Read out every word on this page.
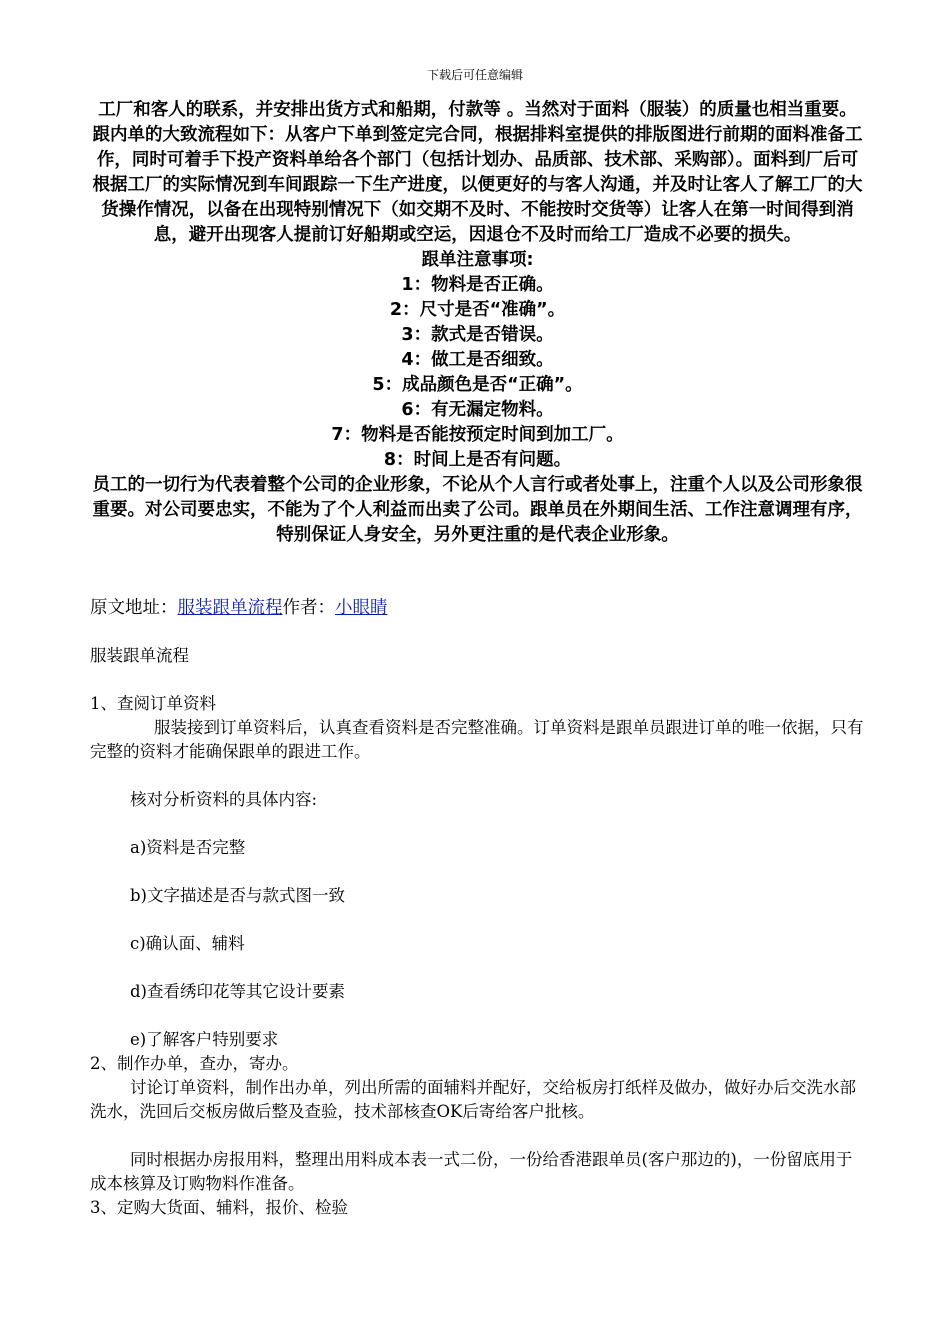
下载后可任意编辑

工厂和客人的联系，并安排出货方式和船期，付款等 。当然对于面料（服装）的质量也相当重要。

跟内单的大致流程如下：从客户下单到签定完合同，根据排料室提供的排版图进行前期的面料准备工作，同时可着手下投产资料单给各个部门（包括计划办、品质部、技术部、采购部）。面料到厂后可根据工厂的实际情况到车间跟踪一下生产进度，以便更好的与客人沟通，并及时让客人了解工厂的大货操作情况，以备在出现特别情况下（如交期不及时、不能按时交货等）让客人在第一时间得到消息，避开出现客人提前订好船期或空运，因退仓不及时而给工厂造成不必要的损失。

跟单注意事项:

1：物料是否正确。

2：尺寸是否“准确”。

3：款式是否错误。

4：做工是否细致。

5：成品颜色是否“正确”。

6：有无漏定物料。

7：物料是否能按预定时间到加工厂。

8：时间上是否有问题。

员工的一切行为代表着整个公司的企业形象，不论从个人言行或者处事上，注重个人以及公司形象很重要。对公司要忠实，不能为了个人利益而出卖了公司。跟单员在外期间生活、工作注意调理有序，特别保证人身安全，另外更注重的是代表企业形象。

原文地址：服装跟单流程作者：小眼睛

服装跟单流程

1、查阅订单资料

服装接到订单资料后，认真查看资料是否完整准确。订单资料是跟单员跟进订单的唯一依据，只有完整的资料才能确保跟单的跟进工作。

核对分析资料的具体内容:

a)资料是否完整

b)文字描述是否与款式图一致

c)确认面、辅料

d)查看绣印花等其它设计要素

e)了解客户特别要求

2、制作办单，查办，寄办。

讨论订单资料，制作出办单，列出所需的面辅料并配好，交给板房打纸样及做办，做好办后交洗水部洗水，洗回后交板房做后整及查验，技术部核查OK后寄给客户批核。

同时根据办房报用料，整理出用料成本表一式二份，一份给香港跟单员(客户那边的)，一份留底用于成本核算及订购物料作准备。

3、定购大货面、辅料，报价、检验
